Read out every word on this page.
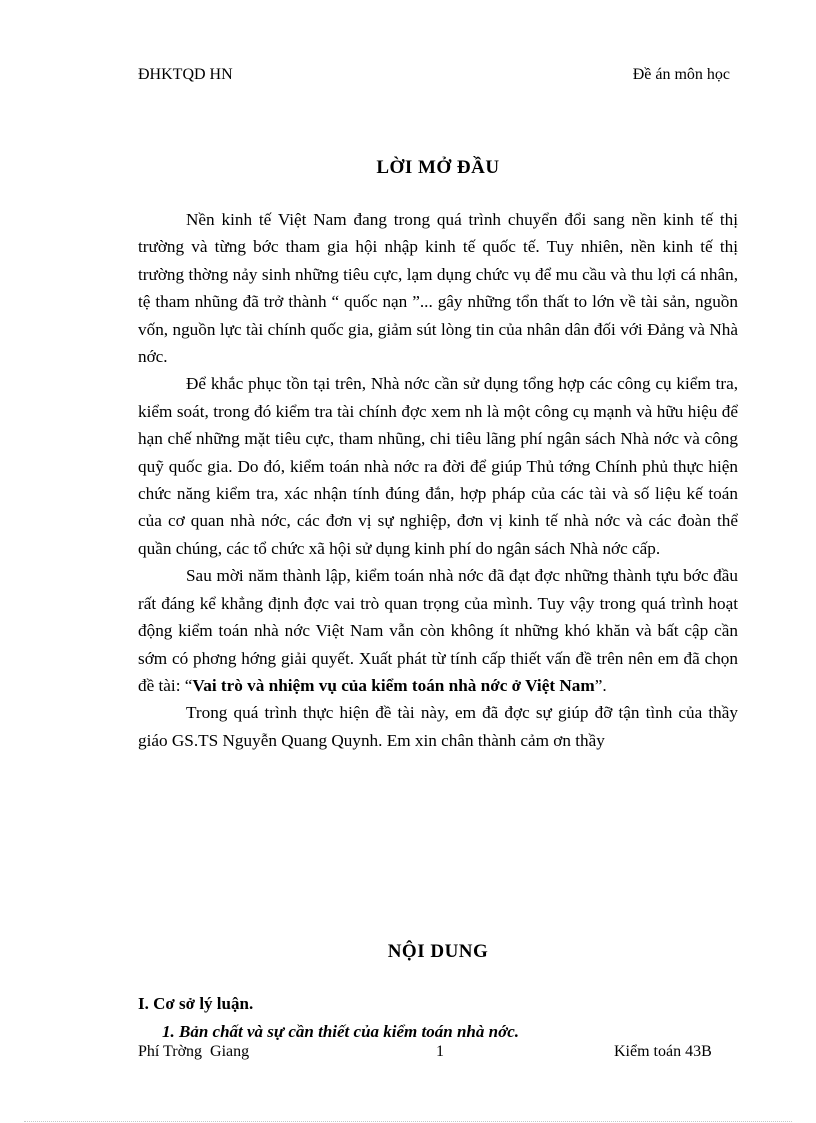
ĐHKTQD HN	Đề án môn học
LỜI MỞ ĐẦU

Nền kinh tế Việt Nam đang trong quá trình chuyển đổi sang nền kinh tế thị trường và từng bớc tham gia hội nhập kinh tế quốc tế. Tuy nhiên, nền kinh tế thị trường thờng nảy sinh những tiêu cực, lạm dụng chức vụ để mu cầu và thu lợi cá nhân, tệ tham nhũng đã trở thành “ quốc nạn ”... gây những tổn thất to lớn về tài sản, nguồn vốn, nguồn lực tài chính quốc gia, giảm sút lòng tin của nhân dân đối với Đảng và Nhà nớc.

Để khắc phục tồn tại trên, Nhà nớc cần sử dụng tổng hợp các công cụ kiểm tra, kiểm soát, trong đó kiểm tra tài chính đợc xem nh là một công cụ mạnh và hữu hiệu để hạn chế những mặt tiêu cực, tham nhũng, chi tiêu lãng phí ngân sách Nhà nớc và công quỹ quốc gia. Do đó, kiểm toán nhà nớc ra đời để giúp Thủ tớng Chính phủ thực hiện chức năng kiểm tra, xác nhận tính đúng đắn, hợp pháp của các tài và số liệu kế toán của cơ quan nhà nớc, các đơn vị sự nghiệp, đơn vị kinh tế nhà nớc và các đoàn thể quần chúng, các tổ chức xã hội sử dụng kinh phí do ngân sách Nhà nớc cấp.

Sau mời năm thành lập, kiểm toán nhà nớc đã đạt đợc những thành tựu bớc đầu rất đáng kể khẳng định đợc vai trò quan trọng của mình. Tuy vậy trong quá trình hoạt động kiểm toán nhà nớc Việt Nam vẫn còn không ít những khó khăn và bất cập cần sớm có phơng hớng giải quyết. Xuất phát từ tính cấp thiết vấn đề trên nên em đã chọn đề tài: “Vai trò và nhiệm vụ của kiểm toán nhà nớc ở Việt Nam”.

Trong quá trình thực hiện đề tài này, em đã đợc sự giúp đỡ tận tình của thầy giáo GS.TS Nguyễn Quang Quynh. Em xin chân thành cảm ơn thầy

NỘI DUNG
I. Cơ sở lý luận.
1. Bản chất và sự cần thiết của kiểm toán nhà nớc.
Phí Trờng  Giang	1	Kiểm toán 43B
